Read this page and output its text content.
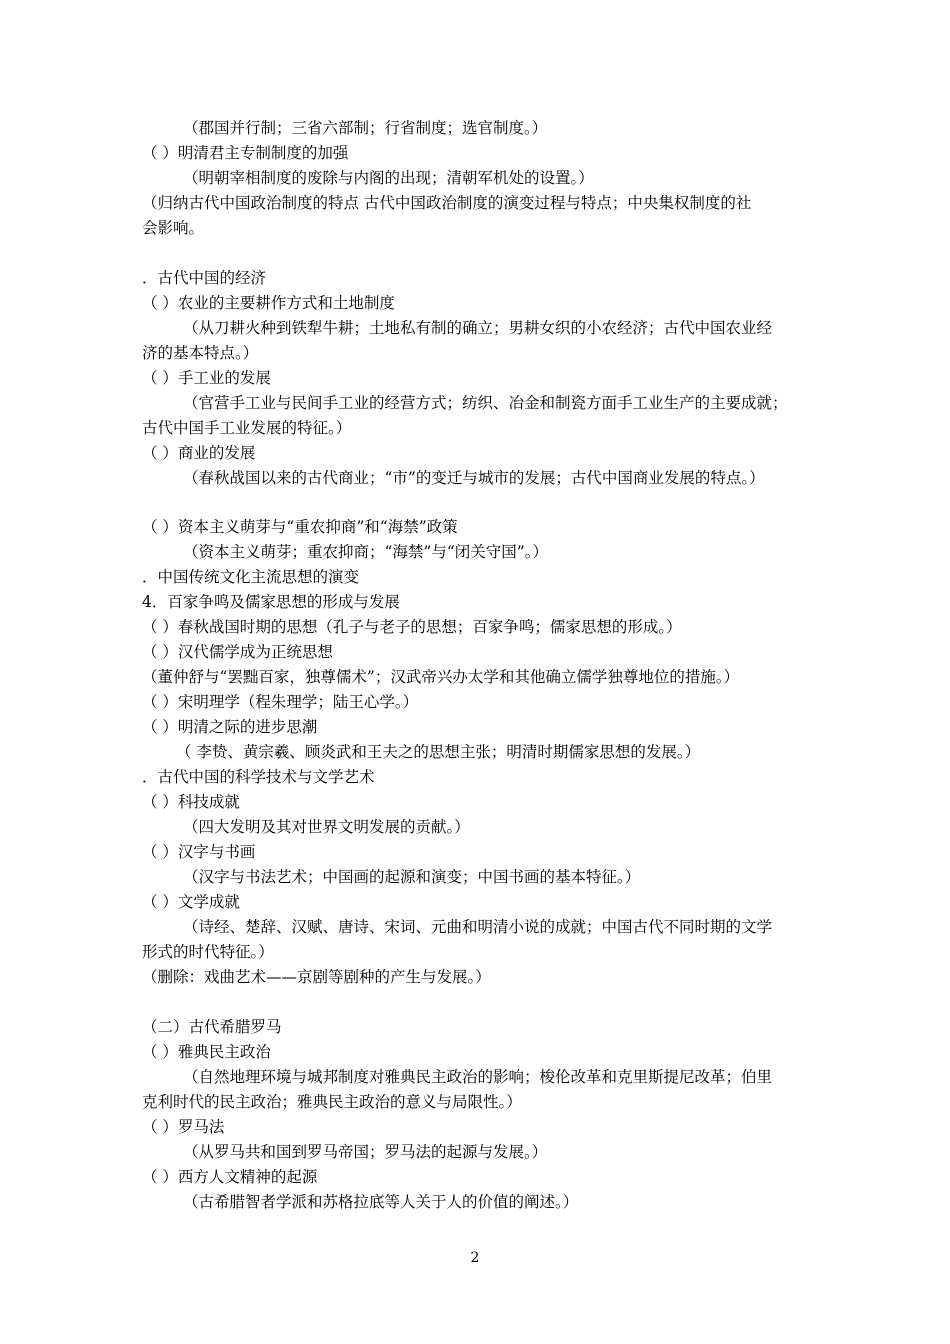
（郡国并行制；三省六部制；行省制度；选官制度。）
（ ）明清君主专制制度的加强
（明朝宰相制度的废除与内阁的出现；清朝军机处的设置。）
（归纳古代中国政治制度的特点 古代中国政治制度的演变过程与特点；中央集权制度的社
会影响。
．古代中国的经济
（ ）农业的主要耕作方式和土地制度
（从刀耕火种到铁犁牛耕；土地私有制的确立；男耕女织的小农经济；古代中国农业经
济的基本特点。）
（ ）手工业的发展
（官营手工业与民间手工业的经营方式；纺织、冶金和制瓷方面手工业生产的主要成就；
古代中国手工业发展的特征。）
（ ）商业的发展
（春秋战国以来的古代商业；“市”的变迁与城市的发展；古代中国商业发展的特点。）
（ ）资本主义萌芽与“重农抑商”和“海禁”政策
（资本主义萌芽；重农抑商；“海禁”与“闭关守国”。）
．中国传统文化主流思想的演变
4．百家争鸣及儒家思想的形成与发展
（ ）春秋战国时期的思想（孔子与老子的思想；百家争鸣；儒家思想的形成。）
（ ）汉代儒学成为正统思想
（董仲舒与“罢黜百家，独尊儒术”；汉武帝兴办太学和其他确立儒学独尊地位的措施。）
（ ）宋明理学（程朱理学；陆王心学。）
（ ）明清之际的进步思潮
（ 李贽、黄宗羲、顾炎武和王夫之的思想主张；明清时期儒家思想的发展。）
．古代中国的科学技术与文学艺术
（ ）科技成就
（四大发明及其对世界文明发展的贡献。）
（ ）汉字与书画
（汉字与书法艺术；中国画的起源和演变；中国书画的基本特征。）
（ ）文学成就
（诗经、楚辞、汉赋、唐诗、宋词、元曲和明清小说的成就；中国古代不同时期的文学
形式的时代特征。）
（删除：戏曲艺术——京剧等剧种的产生与发展。）
（二）古代希腊罗马
（ ）雅典民主政治
（自然地理环境与城邦制度对雅典民主政治的影响；梭伦改革和克里斯提尼改革；伯里
克利时代的民主政治；雅典民主政治的意义与局限性。）
（ ）罗马法
（从罗马共和国到罗马帝国；罗马法的起源与发展。）
（ ）西方人文精神的起源
（古希腊智者学派和苏格拉底等人关于人的价值的阐述。）
2
